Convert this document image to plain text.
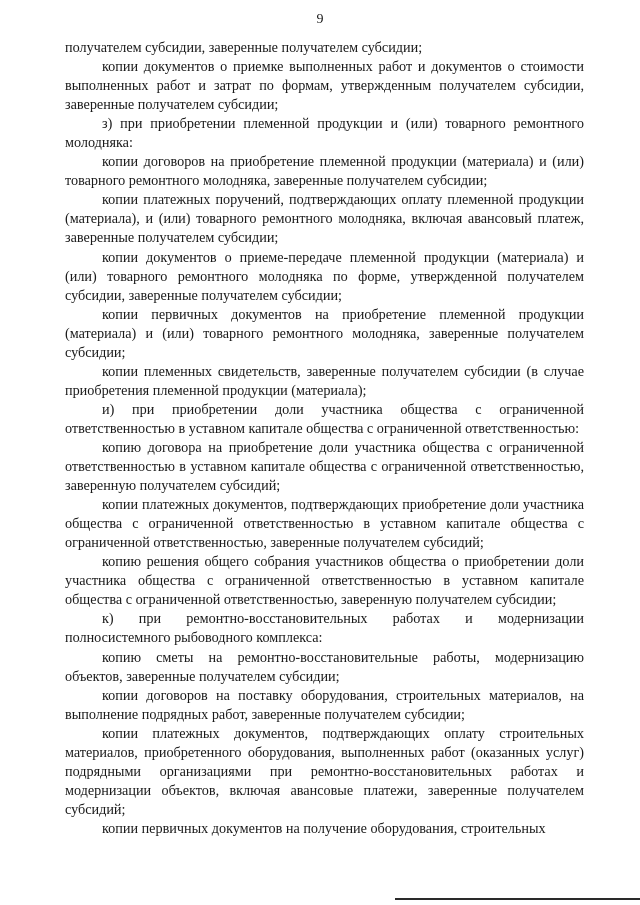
9

получателем субсидии, заверенные получателем субсидии;

копии документов о приемке выполненных работ и документов о стоимости выполненных работ и затрат по формам, утвержденным получателем субсидии, заверенные получателем субсидии;

з) при приобретении племенной продукции и (или) товарного ремонтного молодняка:

копии договоров на приобретение племенной продукции (материала) и (или) товарного ремонтного молодняка, заверенные получателем субсидии;

копии платежных поручений, подтверждающих оплату племенной продукции (материала), и (или) товарного ремонтного молодняка, включая авансовый платеж, заверенные получателем субсидии;

копии документов о приеме-передаче племенной продукции (материала) и (или) товарного ремонтного молодняка по форме, утвержденной получателем субсидии, заверенные получателем субсидии;

копии первичных документов на приобретение племенной продукции (материала) и (или) товарного ремонтного молодняка, заверенные получателем субсидии;

копии племенных свидетельств, заверенные получателем субсидии (в случае приобретения племенной продукции (материала);

и) при приобретении доли участника общества с ограниченной ответственностью в уставном капитале общества с ограниченной ответственностью:

копию договора на приобретение доли участника общества с ограниченной ответственностью в уставном капитале общества с ограниченной ответственностью, заверенную получателем субсидий;

копии платежных документов, подтверждающих приобретение доли участника общества с ограниченной ответственностью в уставном капитале общества с ограниченной ответственностью, заверенные получателем субсидий;

копию решения общего собрания участников общества о приобретении доли участника общества с ограниченной ответственностью в уставном капитале общества с ограниченной ответственностью, заверенную получателем субсидии;

к) при ремонтно-восстановительных работах и модернизации полносистемного рыбоводного комплекса:

копию сметы на ремонтно-восстановительные работы, модернизацию объектов, заверенные получателем субсидии;

копии договоров на поставку оборудования, строительных материалов, на выполнение подрядных работ, заверенные получателем субсидии;

копии платежных документов, подтверждающих оплату строительных материалов, приобретенного оборудования, выполненных работ (оказанных услуг) подрядными организациями при ремонтно-восстановительных работах и модернизации объектов, включая авансовые платежи, заверенные получателем субсидий;

копии первичных документов на получение оборудования, строительных
